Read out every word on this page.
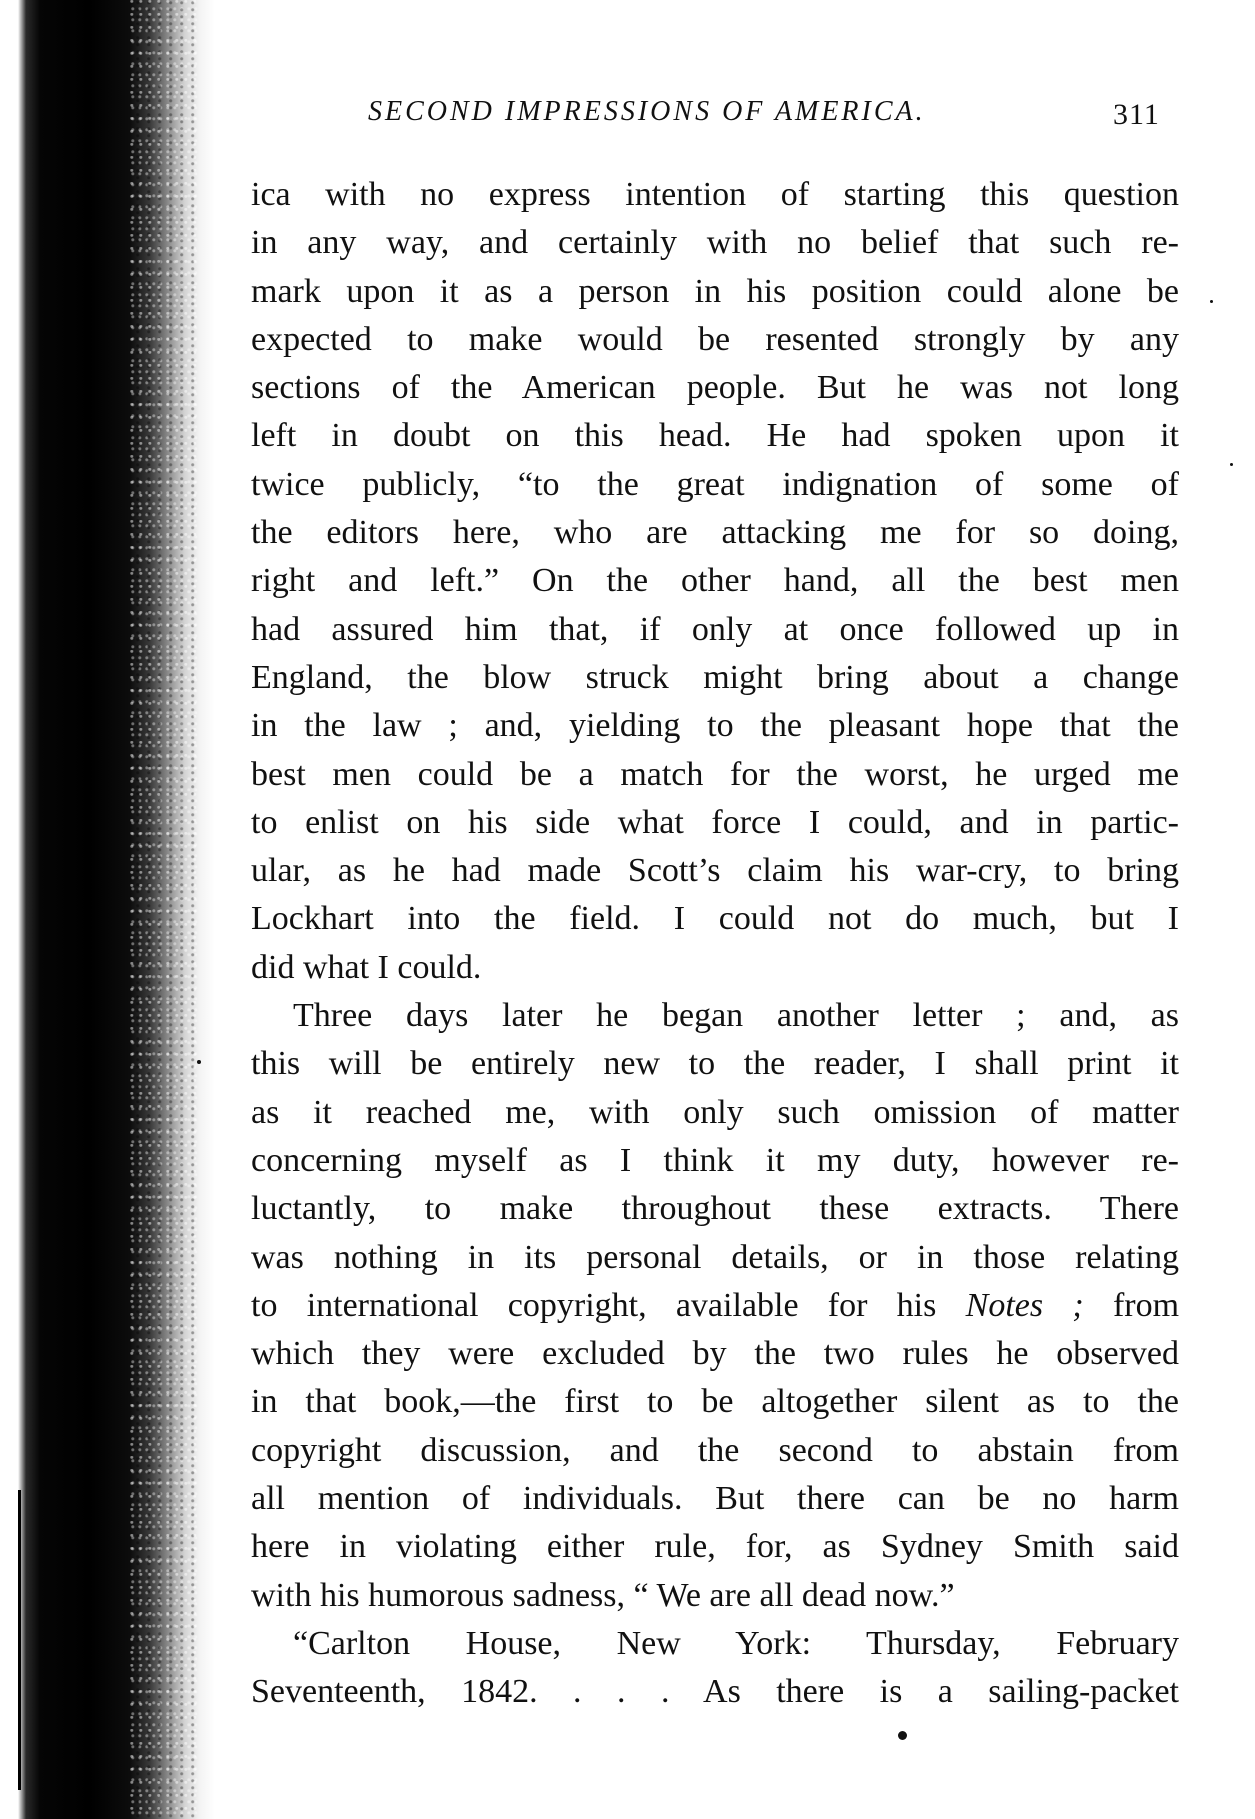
SECOND IMPRESSIONS OF AMERICA.	311
ica with no express intention of starting this question
in any way, and certainly with no belief that such re-
mark upon it as a person in his position could alone be
expected to make would be resented strongly by any
sections of the American people. But he was not long
left in doubt on this head. He had spoken upon it
twice publicly, “to the great indignation of some of
the editors here, who are attacking me for so doing,
right and left.” On the other hand, all the best men
had assured him that, if only at once followed up in
England, the blow struck might bring about a change
in the law ; and, yielding to the pleasant hope that the
best men could be a match for the worst, he urged me
to enlist on his side what force I could, and in partic-
ular, as he had made Scott’s claim his war-cry, to bring
Lockhart into the field. I could not do much, but I
did what I could.
Three days later he began another letter ; and, as
this will be entirely new to the reader, I shall print it
as it reached me, with only such omission of matter
concerning myself as I think it my duty, however re-
luctantly, to make throughout these extracts. There
was nothing in its personal details, or in those relating
to international copyright, available for his Notes ; from
which they were excluded by the two rules he observed
in that book,—the first to be altogether silent as to the
copyright discussion, and the second to abstain from
all mention of individuals. But there can be no harm
here in violating either rule, for, as Sydney Smith said
with his humorous sadness, “ We are all dead now.”
“Carlton House, New York: Thursday, February
Seventeenth, 1842. . . . As there is a sailing-packet
